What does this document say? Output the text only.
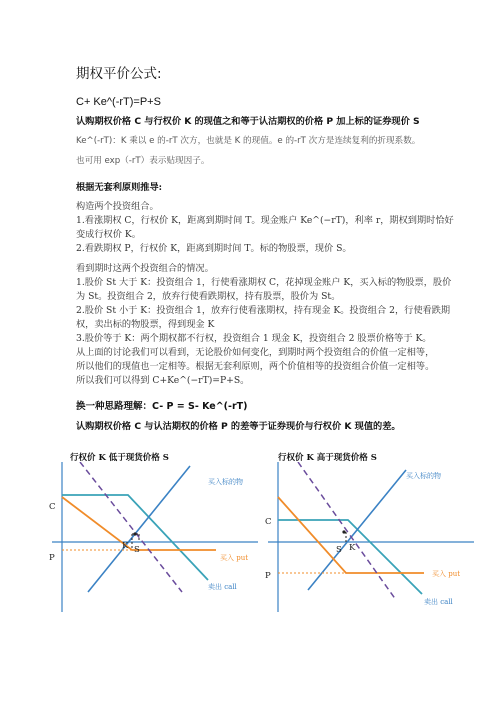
期权平价公式:
C+ Ke^(-rT)=P+S
认购期权价格 C 与行权价 K 的现值之和等于认沽期权的价格 P 加上标的证券现价 S
Ke^(-rT)：K 乘以 e 的-rT 次方，也就是 K 的现值。e 的-rT 次方是连续复利的折现系数。
也可用 exp（-rT）表示贴现因子。
根据无套利原则推导:
构造两个投资组合。
1.看涨期权 C，行权价 K，距离到期时间 T。现金账户 Ke^(−rT)，利率 r，期权到期时恰好
变成行权价 K。
2.看跌期权 P，行权价 K，距离到期时间 T。标的物股票，现价 S。
看到期时这两个投资组合的情况。
1.股价 St 大于 K：投资组合 1，行使看涨期权 C，花掉现金账户 K，买入标的物股票，股价
为 St。投资组合 2，放弃行使看跌期权，持有股票，股价为 St。
2.股价 St 小于 K：投资组合 1，放弃行使看涨期权，持有现金 K。投资组合 2，行使看跌期
权，卖出标的物股票，得到现金 K
3.股价等于 K：两个期权都不行权，投资组合 1 现金 K，投资组合 2 股票价格等于 K。
从上面的讨论我们可以看到，无论股价如何变化，到期时两个投资组合的价值一定相等，
所以他们的现值也一定相等。根据无套利原则，两个价值相等的投资组合价值一定相等。
所以我们可以得到 C+Ke^(−rT)=P+S。
换一种思路理解：C- P = S- Ke^(-rT)
认购期权价格 C 与认沽期权的价格 P 的差等于证券现价与行权价 K 现值的差。
行权价 K 低于现货价格 S
C
P
K S
买入标的物
买入 put
卖出 call
行权价 K 高于现货价格 S
C
P
S K
买入标的物
买入 put
卖出 call
